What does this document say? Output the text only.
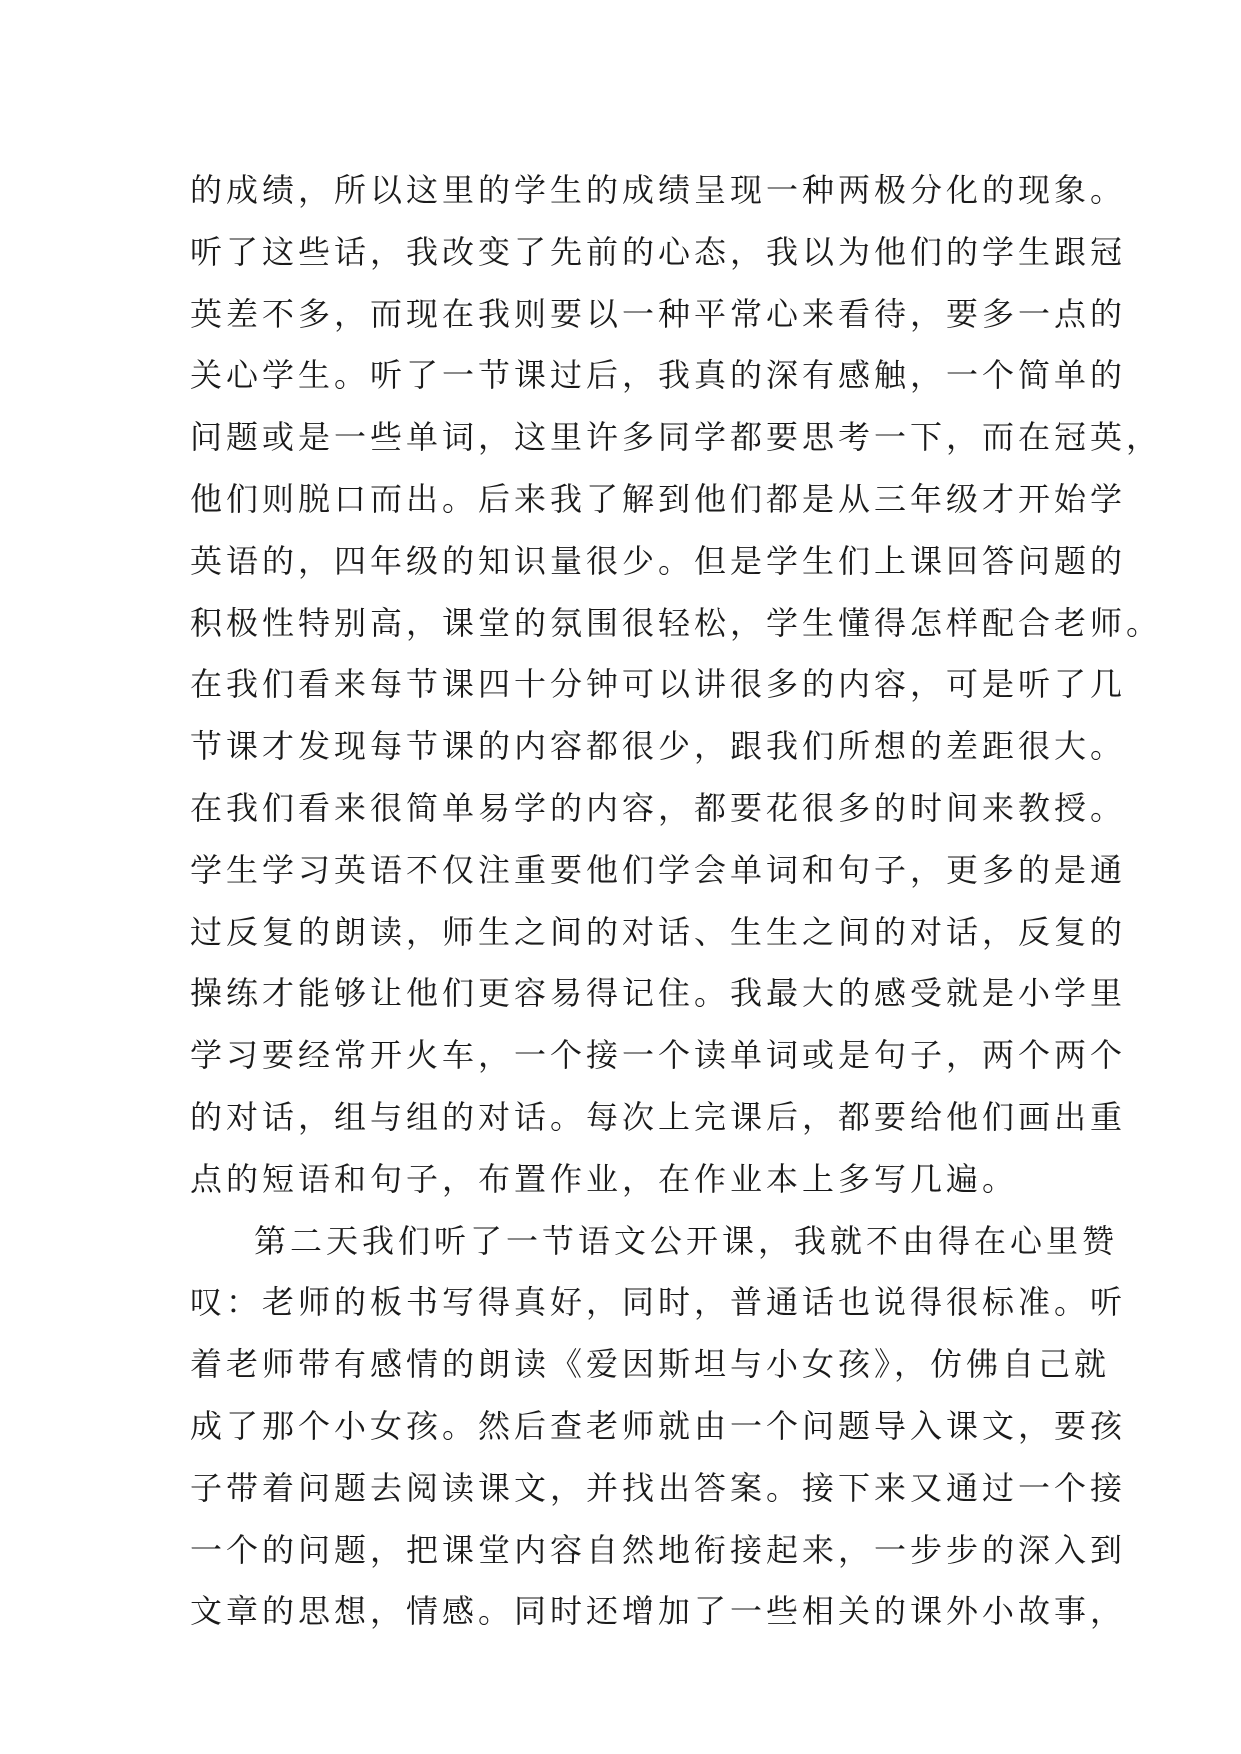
的成绩，所以这里的学生的成绩呈现一种两极分化的现象。
听了这些话，我改变了先前的心态，我以为他们的学生跟冠
英差不多，而现在我则要以一种平常心来看待，要多一点的
关心学生。听了一节课过后，我真的深有感触，一个简单的
问题或是一些单词，这里许多同学都要思考一下，而在冠英，
他们则脱口而出。后来我了解到他们都是从三年级才开始学
英语的，四年级的知识量很少。但是学生们上课回答问题的
积极性特别高，课堂的氛围很轻松，学生懂得怎样配合老师。
在我们看来每节课四十分钟可以讲很多的内容，可是听了几
节课才发现每节课的内容都很少，跟我们所想的差距很大。
在我们看来很简单易学的内容，都要花很多的时间来教授。
学生学习英语不仅注重要他们学会单词和句子，更多的是通
过反复的朗读，师生之间的对话、生生之间的对话，反复的
操练才能够让他们更容易得记住。我最大的感受就是小学里
学习要经常开火车，一个接一个读单词或是句子，两个两个
的对话，组与组的对话。每次上完课后，都要给他们画出重
点的短语和句子，布置作业，在作业本上多写几遍。
第二天我们听了一节语文公开课，我就不由得在心里赞
叹：老师的板书写得真好，同时，普通话也说得很标准。听
着老师带有感情的朗读《爱因斯坦与小女孩》，仿佛自己就
成了那个小女孩。然后查老师就由一个问题导入课文，要孩
子带着问题去阅读课文，并找出答案。接下来又通过一个接
一个的问题，把课堂内容自然地衔接起来，一步步的深入到
文章的思想，情感。同时还增加了一些相关的课外小故事，
